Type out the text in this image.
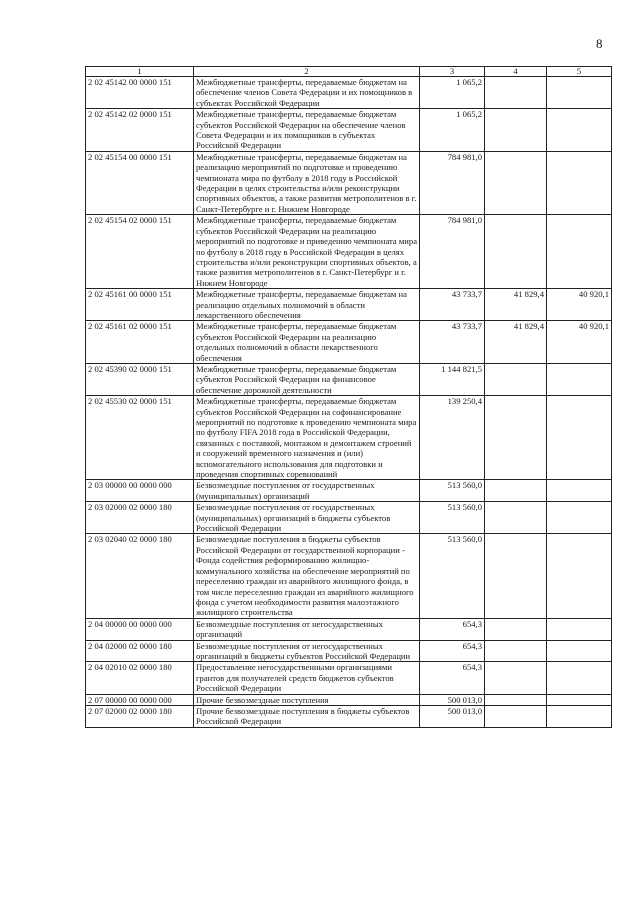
8
1	2	3	4	5
2 02 45142 00 0000 151	Межбюджетные трансферты, передаваемые бюджетам на обеспечение членов Совета Федерации и их помощников в субъектах Российской Федерации	1 065,2		
2 02 45142 02 0000 151	Межбюджетные трансферты, передаваемые бюджетам субъектов Российской Федерации на обеспечение членов Совета Федерации и их помощников в субъектах Российской Федерации	1 065,2		
2 02 45154 00 0000 151	Межбюджетные трансферты, передаваемые бюджетам на реализацию мероприятий по подготовке и проведению чемпионата мира по футболу в 2018 году в Российской Федерации в целях строительства и/или реконструкции спортивных объектов, а также развития метрополитенов в г. Санкт-Петербурге и г. Нижнем Новгороде	784 981,0		
2 02 45154 02 0000 151	Межбюджетные трансферты, передаваемые бюджетам субъектов Российской Федерации на реализацию мероприятий по подготовке и приведению чемпионата мира по футболу в 2018 году в Российской Федерации в целях строительства и/или реконструкции спортивных объектов, а также развития метрополитенов в г. Санкт-Петербург и г. Нижнем Новгороде	784 981,0		
2 02 45161 00 0000 151	Межбюджетные трансферты, передаваемые бюджетам на реализацию отдельных полномочий в области лекарственного обеспечения	43 733,7	41 829,4	40 920,1
2 02 45161 02 0000 151	Межбюджетные трансферты, передаваемые бюджетам субъектов Российской Федерации на реализацию отдельных полномочий в области лекарственного обеспечения	43 733,7	41 829,4	40 920,1
2 02 45390 02 0000 151	Межбюджетные трансферты, передаваемые бюджетам субъектов Российской Федерации на финансовое обеспечение дорожной деятельности	1 144 821,5		
2 02 45530 02 0000 151	Межбюджетные трансферты, передаваемые бюджетам субъектов Российской Федерации на софинансирование мероприятий по подготовке к проведению чемпионата мира по футболу FIFA 2018 года в Российской Федерации, связанных с поставкой, монтажом и демонтажем строений и сооружений временного назначения и (или) вспомогательного использования для подготовки и проведения спортивных соревнований	139 250,4		
2 03 00000 00 0000 000	Безвозмездные поступления от государственных (муниципальных) организаций	513 560,0		
2 03 02000 02 0000 180	Безвозмездные поступления от государственных (муниципальных) организаций в бюджеты субъектов Российской Федерации	513 560,0		
2 03 02040 02 0000 180	Безвозмездные поступления в бюджеты субъектов Российской Федерации от государственной корпорации - Фонда содействия реформированию жилищно-коммунального хозяйства на обеспечение мероприятий по переселению граждан из аварийного жилищного фонда, в том числе переселению граждан из аварийного жилищного фонда с учетом необходимости развития малоэтажного жилищного строительства	513 560,0		
2 04 00000 00 0000 000	Безвозмездные поступления от негосударственных организаций	654,3		
2 04 02000 02 0000 180	Безвозмездные поступления от негосударственных организаций в бюджеты субъектов Российской Федерации	654,3		
2 04 02010 02 0000 180	Предоставление негосударственными организациями грантов для получателей средств бюджетов субъектов Российской Федерации	654,3		
2 07 00000 00 0000 000	Прочие безвозмездные поступления	500 013,0		
2 07 02000 02 0000 180	Прочие безвозмездные поступления в бюджеты субъектов Российской Федерации	500 013,0		
